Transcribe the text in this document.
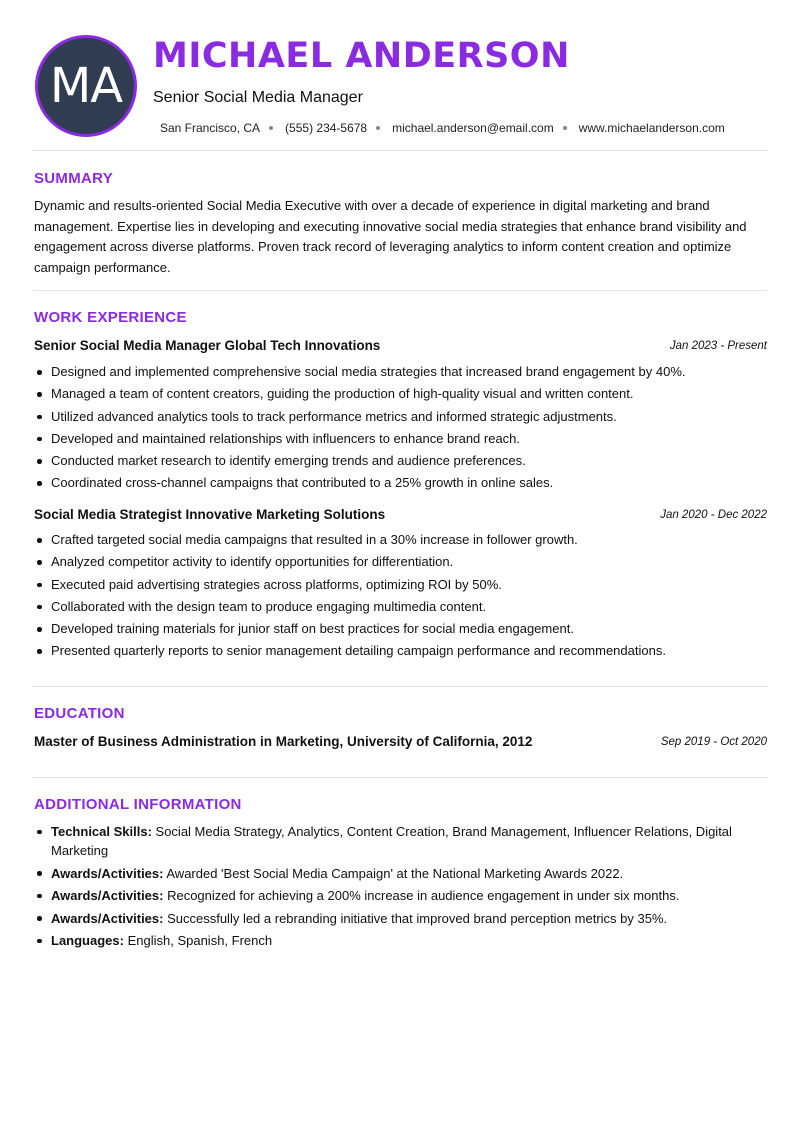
MA
MICHAEL ANDERSON
Senior Social Media Manager
San Francisco, CA (555) 234-5678 michael.anderson@email.com www.michaelanderson.com
SUMMARY
Dynamic and results-oriented Social Media Executive with over a decade of experience in digital marketing and brand management. Expertise lies in developing and executing innovative social media strategies that enhance brand visibility and engagement across diverse platforms. Proven track record of leveraging analytics to inform content creation and optimize campaign performance.
WORK EXPERIENCE
Senior Social Media Manager Global Tech Innovations	Jan 2023 - Present
Designed and implemented comprehensive social media strategies that increased brand engagement by 40%.
Managed a team of content creators, guiding the production of high-quality visual and written content.
Utilized advanced analytics tools to track performance metrics and informed strategic adjustments.
Developed and maintained relationships with influencers to enhance brand reach.
Conducted market research to identify emerging trends and audience preferences.
Coordinated cross-channel campaigns that contributed to a 25% growth in online sales.
Social Media Strategist Innovative Marketing Solutions	Jan 2020 - Dec 2022
Crafted targeted social media campaigns that resulted in a 30% increase in follower growth.
Analyzed competitor activity to identify opportunities for differentiation.
Executed paid advertising strategies across platforms, optimizing ROI by 50%.
Collaborated with the design team to produce engaging multimedia content.
Developed training materials for junior staff on best practices for social media engagement.
Presented quarterly reports to senior management detailing campaign performance and recommendations.
EDUCATION
Master of Business Administration in Marketing, University of California, 2012	Sep 2019 - Oct 2020
ADDITIONAL INFORMATION
Technical Skills: Social Media Strategy, Analytics, Content Creation, Brand Management, Influencer Relations, Digital Marketing
Awards/Activities: Awarded 'Best Social Media Campaign' at the National Marketing Awards 2022.
Awards/Activities: Recognized for achieving a 200% increase in audience engagement in under six months.
Awards/Activities: Successfully led a rebranding initiative that improved brand perception metrics by 35%.
Languages: English, Spanish, French
